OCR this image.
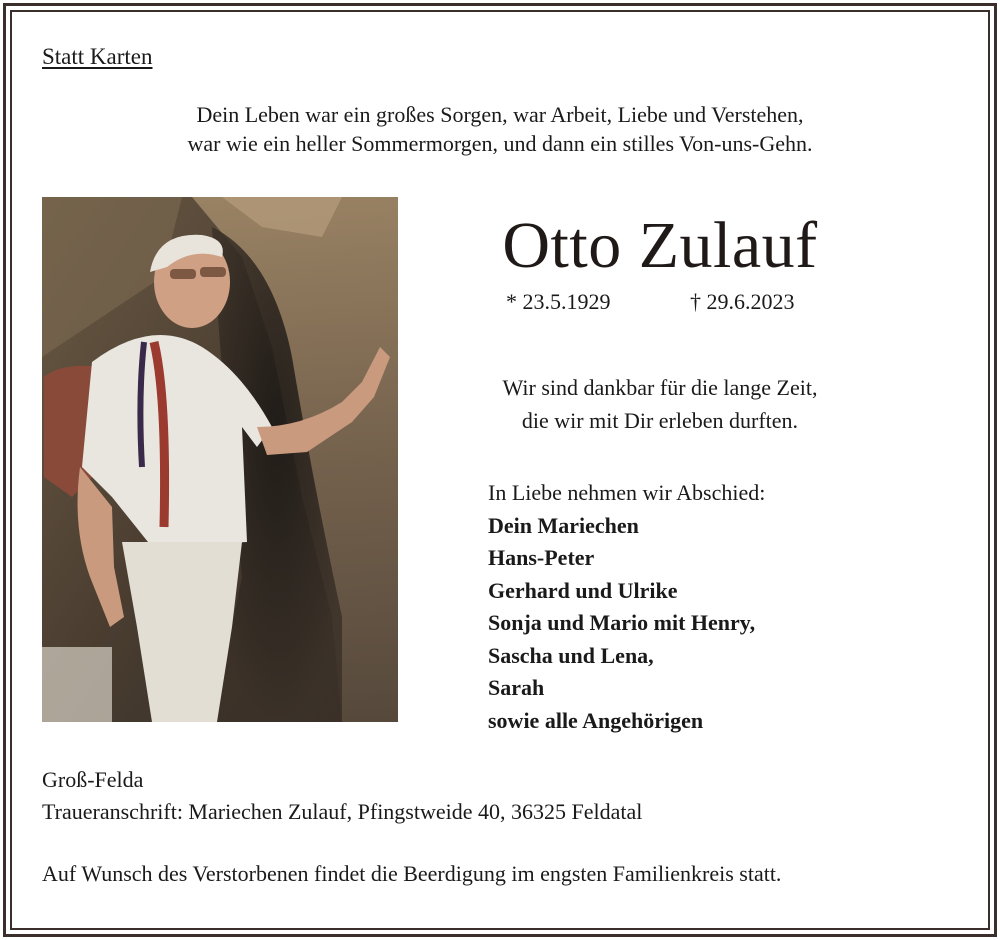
Statt Karten
Dein Leben war ein großes Sorgen, war Arbeit, Liebe und Verstehen,
war wie ein heller Sommermorgen, und dann ein stilles Von-uns-Gehn.
Otto Zulauf
* 23.5.1929	† 29.6.2023
Wir sind dankbar für die lange Zeit,
die wir mit Dir erleben durften.
In Liebe nehmen wir Abschied:
Dein Mariechen
Hans-Peter
Gerhard und Ulrike
Sonja und Mario mit Henry,
Sascha und Lena,
Sarah
sowie alle Angehörigen
Groß-Felda
Traueranschrift: Mariechen Zulauf, Pfingstweide 40, 36325 Feldatal
Auf Wunsch des Verstorbenen findet die Beerdigung im engsten Familienkreis statt.
